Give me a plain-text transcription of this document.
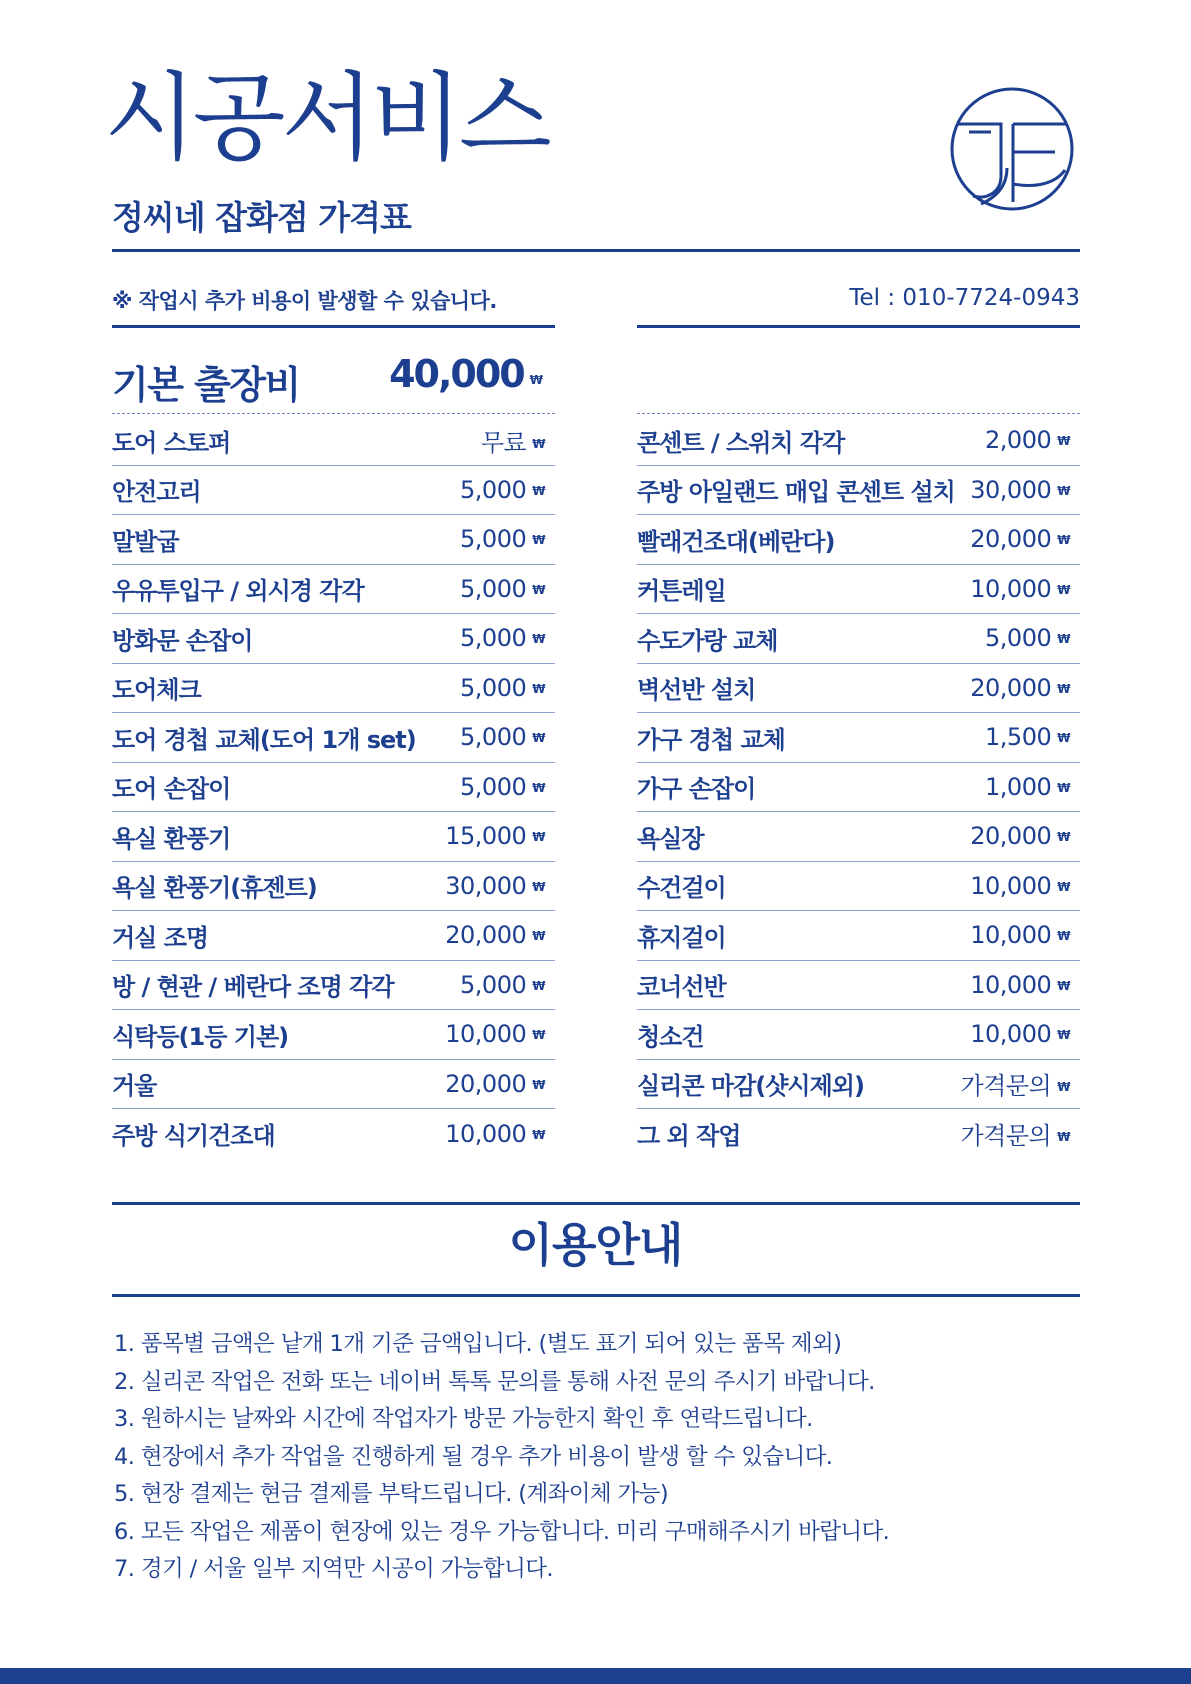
시공서비스
정씨네 잡화점 가격표
※ 작업시 추가 비용이 발생할 수 있습니다.	Tel : 010-7724-0943
기본 출장비 40,000 ₩
도어 스토퍼	무료 ₩
안전고리	5,000 ₩
말발굽	5,000 ₩
우유투입구 / 외시경 각각	5,000 ₩
방화문 손잡이	5,000 ₩
도어체크	5,000 ₩
도어 경첩 교체(도어 1개 set) 5,000 ₩
도어 손잡이	5,000 ₩
욕실 환풍기	15,000 ₩
욕실 환풍기(휴젠트)	30,000 ₩
거실 조명	20,000 ₩
방 / 현관 / 베란다 조명 각각	5,000 ₩
식탁등(1등 기본)	10,000 ₩
거울	20,000 ₩
주방 식기건조대	10,000 ₩
콘센트 / 스위치 각각	2,000 ₩
주방 아일랜드 매입 콘센트 설치 30,000 ₩
빨래건조대(베란다)	20,000 ₩
커튼레일	10,000 ₩
수도가랑 교체	5,000 ₩
벽선반 설치	20,000 ₩
가구 경첩 교체	1,500 ₩
가구 손잡이	1,000 ₩
욕실장	20,000 ₩
수건걸이	10,000 ₩
휴지걸이	10,000 ₩
코너선반	10,000 ₩
청소건	10,000 ₩
실리콘 마감(샷시제외)	가격문의 ₩
그 외 작업	가격문의 ₩
이용안내
1. 품목별 금액은 낱개 1개 기준 금액입니다. (별도 표기 되어 있는 품목 제외)
2. 실리콘 작업은 전화 또는 네이버 톡톡 문의를 통해 사전 문의 주시기 바랍니다.
3. 원하시는 날짜와 시간에 작업자가 방문 가능한지 확인 후 연락드립니다.
4. 현장에서 추가 작업을 진행하게 될 경우 추가 비용이 발생 할 수 있습니다.
5. 현장 결제는 현금 결제를 부탁드립니다. (계좌이체 가능)
6. 모든 작업은 제품이 현장에 있는 경우 가능합니다. 미리 구매해주시기 바랍니다.
7. 경기 / 서울 일부 지역만 시공이 가능합니다.
